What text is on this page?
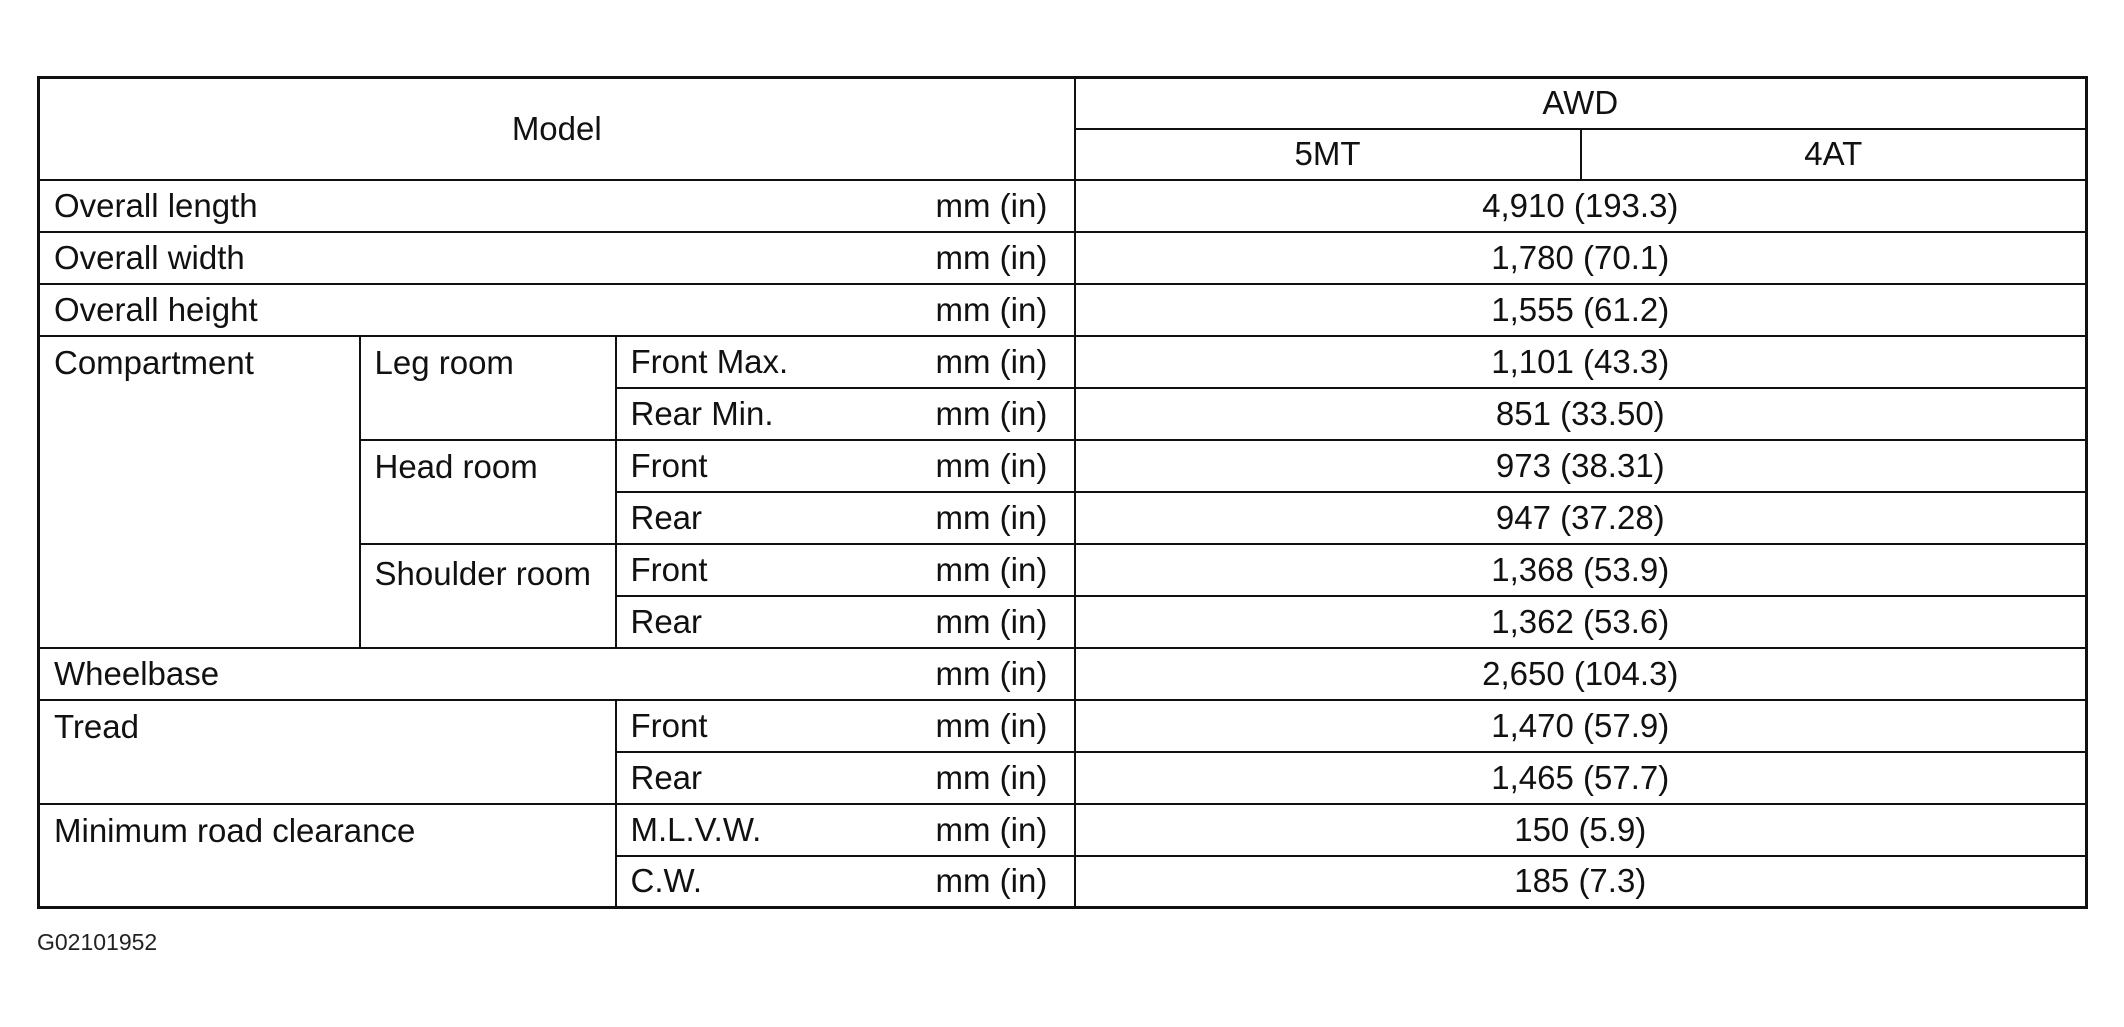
Model				AWD	
				5MT	4AT
Overall length			mm (in)	4,910 (193.3)	
Overall width			mm (in)	1,780 (70.1)	
Overall height			mm (in)	1,555 (61.2)	
Compartment	Leg room	Front Max.	mm (in)	1,101 (43.3)	
		Rear Min.	mm (in)	851 (33.50)	
	Head room	Front	mm (in)	973 (38.31)	
		Rear	mm (in)	947 (37.28)	
	Shoulder room	Front	mm (in)	1,368 (53.9)	
		Rear	mm (in)	1,362 (53.6)	
Wheelbase			mm (in)	2,650 (104.3)	
Tread		Front	mm (in)	1,470 (57.9)	
		Rear	mm (in)	1,465 (57.7)	
Minimum road clearance		M.L.V.W.	mm (in)	150 (5.9)	
		C.W.	mm (in)	185 (7.3)	
G02101952
